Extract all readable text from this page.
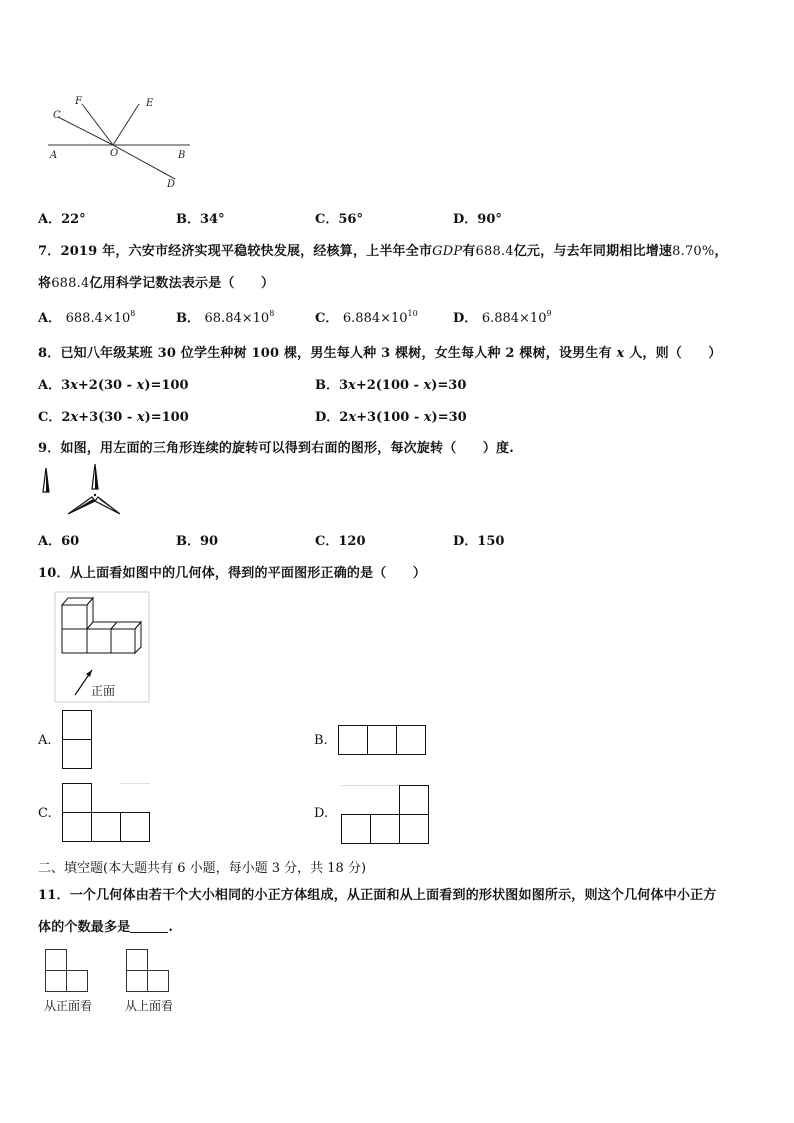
A	O	B
C
F	E
D
A．22°	B．34°	C．56°	D．90°
7．2019 年，六安市经济实现平稳较快发展，经核算，上半年全市GDP有688.4亿元，与去年同期相比增速8.70%，
将688.4亿用科学记数法表示是（　　）
A． $688.4\times 10^8$	B． $68.84\times 10^8$	C． $6.884\times 10^{10}$	D． $6.884\times 10^9$
8．已知八年级某班 30 位学生种树 100 棵，男生每人种 3 棵树，女生每人种 2 棵树，设男生有 x 人，则（　　）
A．3x+2(30 - x)=100	B．3x+2(100 - x)=30
C．2x+3(30 - x)=100	D．2x+3(100 - x)=30
9．如图，用左面的三角形连续的旋转可以得到右面的图形，每次旋转（　　）度.
A．60	B．90	C．120	D．150
10．从上面看如图中的几何体，得到的平面图形正确的是（　　）
正面
A.	B.
C.	D.
二、填空题(本大题共有 6 小题，每小题 3 分，共 18 分)
11．一个几何体由若干个大小相同的小正方体组成，从正面和从上面看到的形状图如图所示，则这个几何体中小正方
体的个数最多是	.
从正面看	从上面看
